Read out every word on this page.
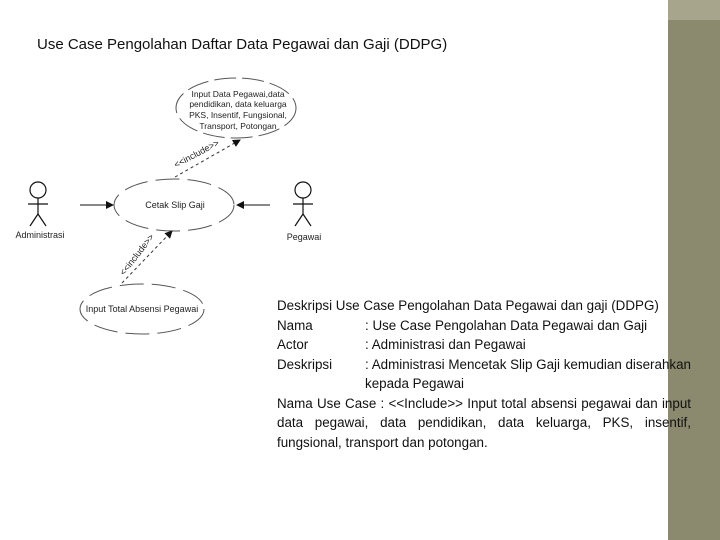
Use Case Pengolahan Daftar Data Pegawai dan Gaji (DDPG)
Administrasi	Pegawai
Input Data Pegawai,data
pendidikan, data keluarga
PKS, Insentif, Fungsional,
Transport, Potongan
Cetak Slip Gaji
Input Total Absensi Pegawai
<<include>>
<<include>>
Deskripsi Use Case Pengolahan Data Pegawai dan gaji (DDPG)
Nama	: Use Case Pengolahan Data Pegawai dan Gaji
Actor	: Administrasi dan Pegawai
Deskripsi	: Administrasi Mencetak Slip Gaji kemudian diserahkan kepada Pegawai
Nama Use Case : <<Include>> Input total absensi pegawai dan input data pegawai, data pendidikan, data keluarga, PKS, insentif, fungsional, transport dan potongan.
